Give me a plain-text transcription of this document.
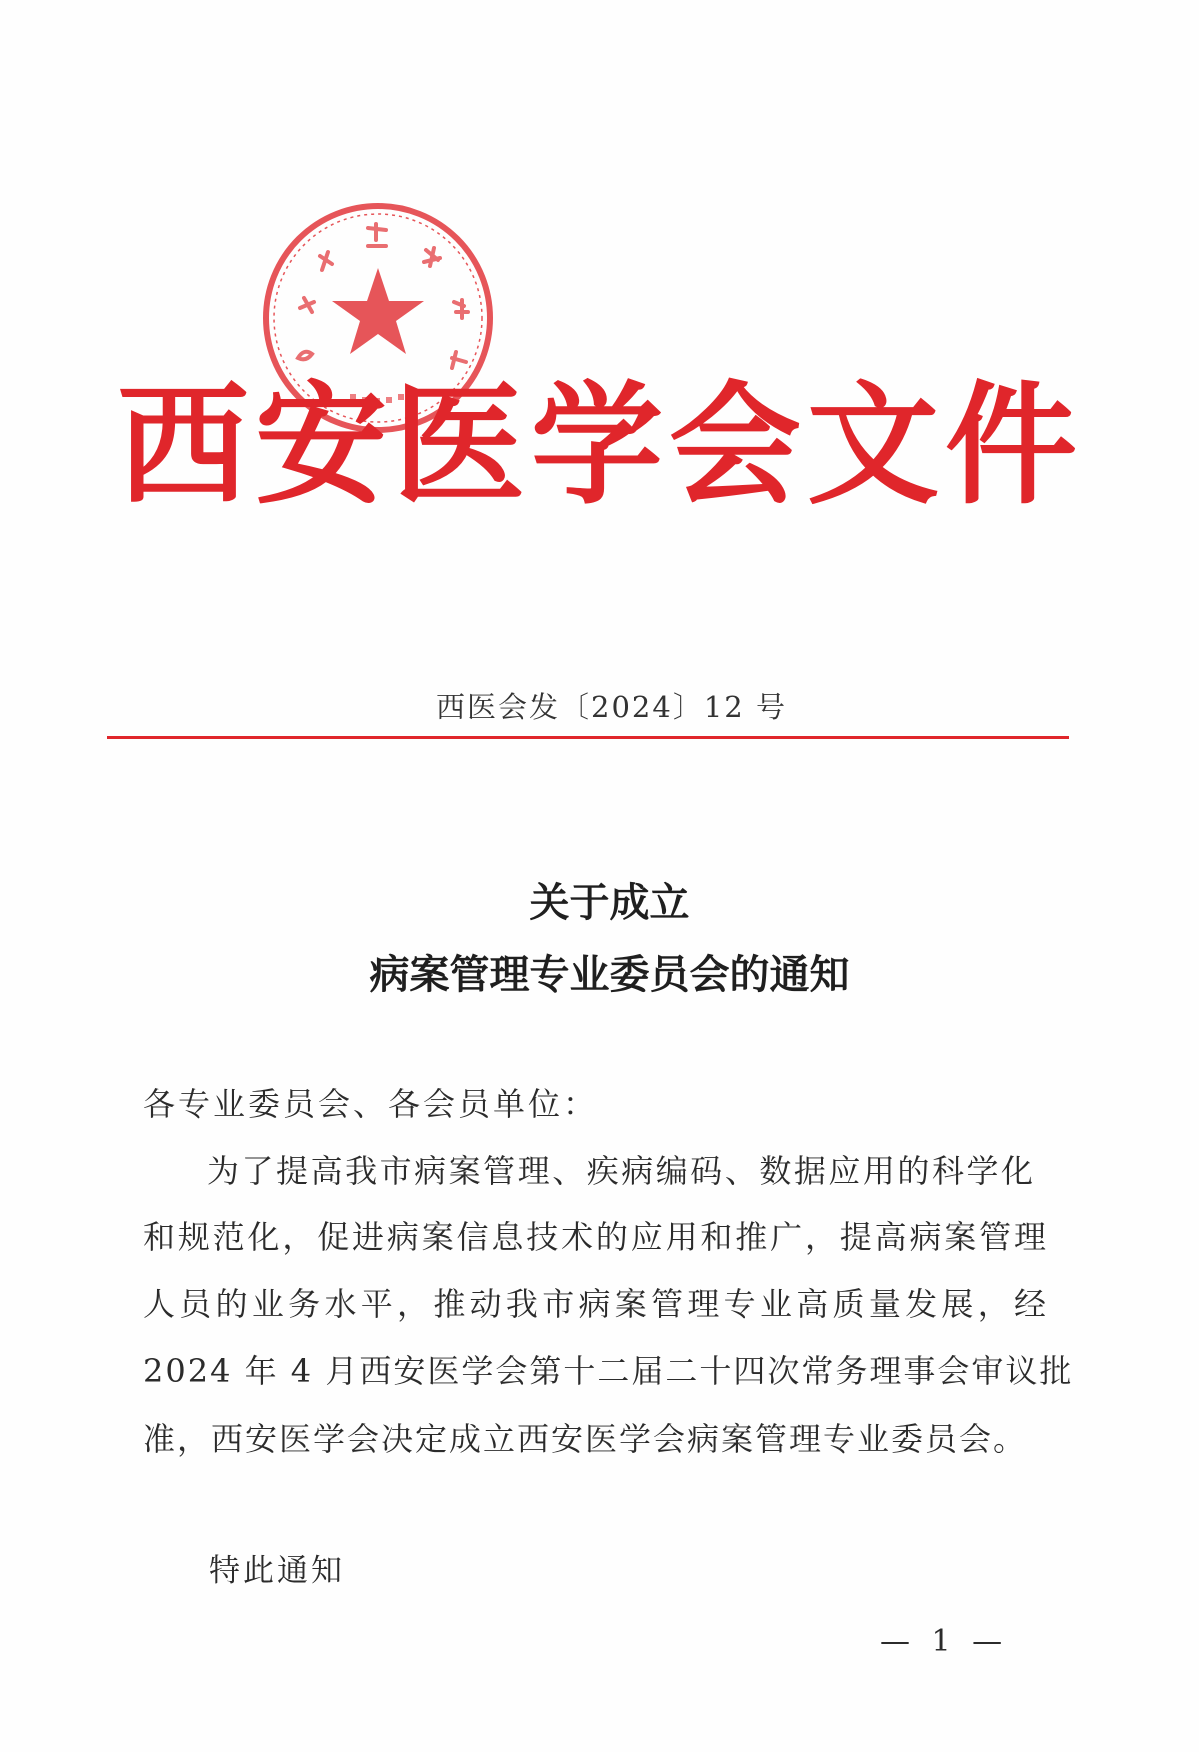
西安医学会文件
西医会发〔2024〕12 号
关于成立
病案管理专业委员会的通知
各专业委员会、各会员单位：
为了提高我市病案管理、疾病编码、数据应用的科学化
和规范化，促进病案信息技术的应用和推广，提高病案管理
人员的业务水平，推动我市病案管理专业高质量发展，经
2024 年 4 月西安医学会第十二届二十四次常务理事会审议批
准，西安医学会决定成立西安医学会病案管理专业委员会。
特此通知
— 1 —
